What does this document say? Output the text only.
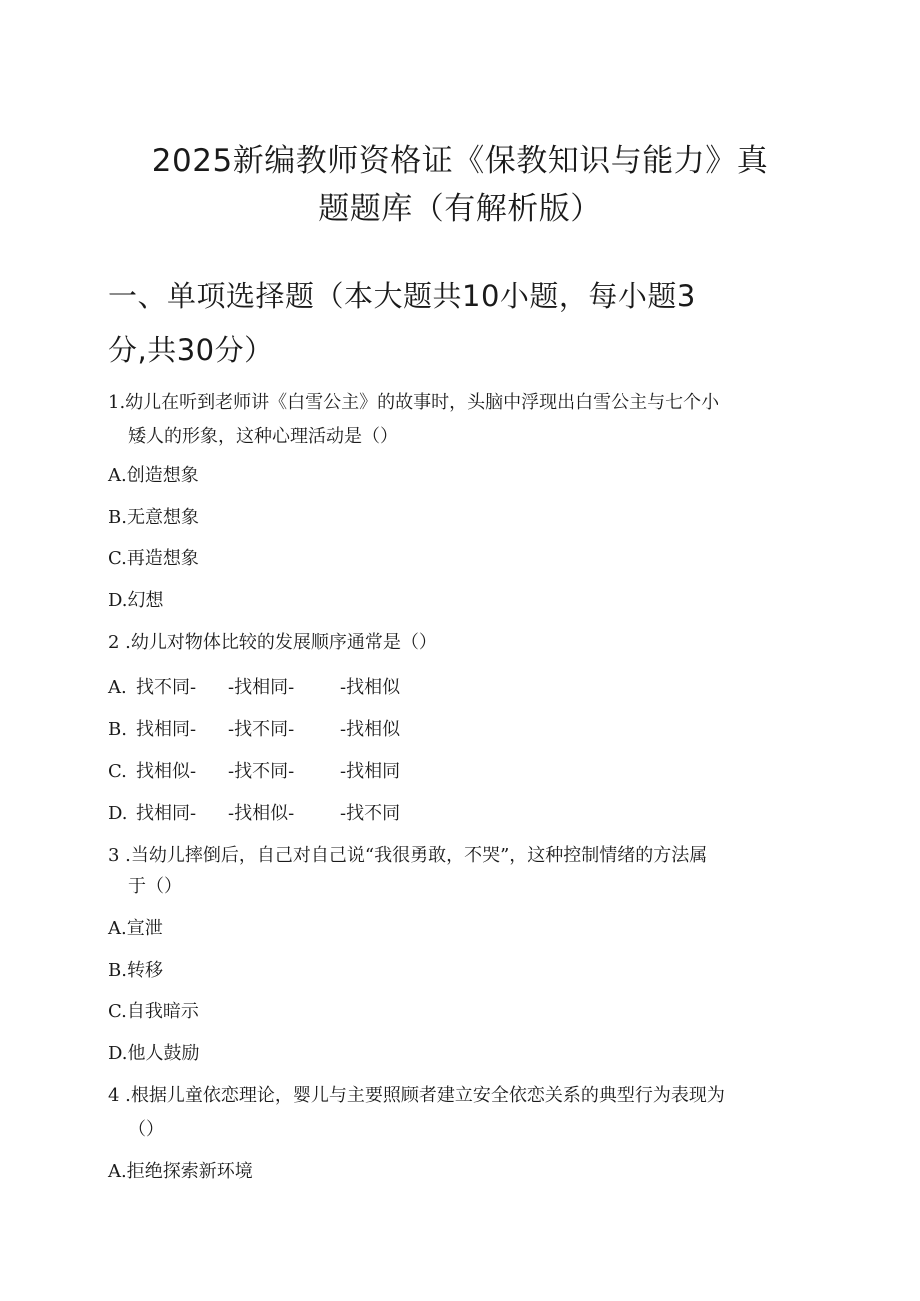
2025新编教师资格证《保教知识与能力》真
题题库（有解析版）
一、单项选择题（本大题共10小题，每小题3
分,共30分）
1.幼儿在听到老师讲《白雪公主》的故事时，头脑中浮现出白雪公主与七个小
矮人的形象，这种心理活动是（）
A.创造想象
B.无意想象
C.再造想象
D.幻想
2 .幼儿对物体比较的发展顺序通常是（）
A. 找不同- -找相同-	-找相似
B. 找相同- -找不同-	-找相似
C. 找相似- -找不同-	-找相同
D. 找相同- -找相似-	-找不同
3 .当幼儿摔倒后，自己对自己说“我很勇敢，不哭”，这种控制情绪的方法属
于（）
A.宣泄
B.转移
C.自我暗示
D.他人鼓励
4 .根据儿童依恋理论，婴儿与主要照顾者建立安全依恋关系的典型行为表现为
（）
A.拒绝探索新环境
